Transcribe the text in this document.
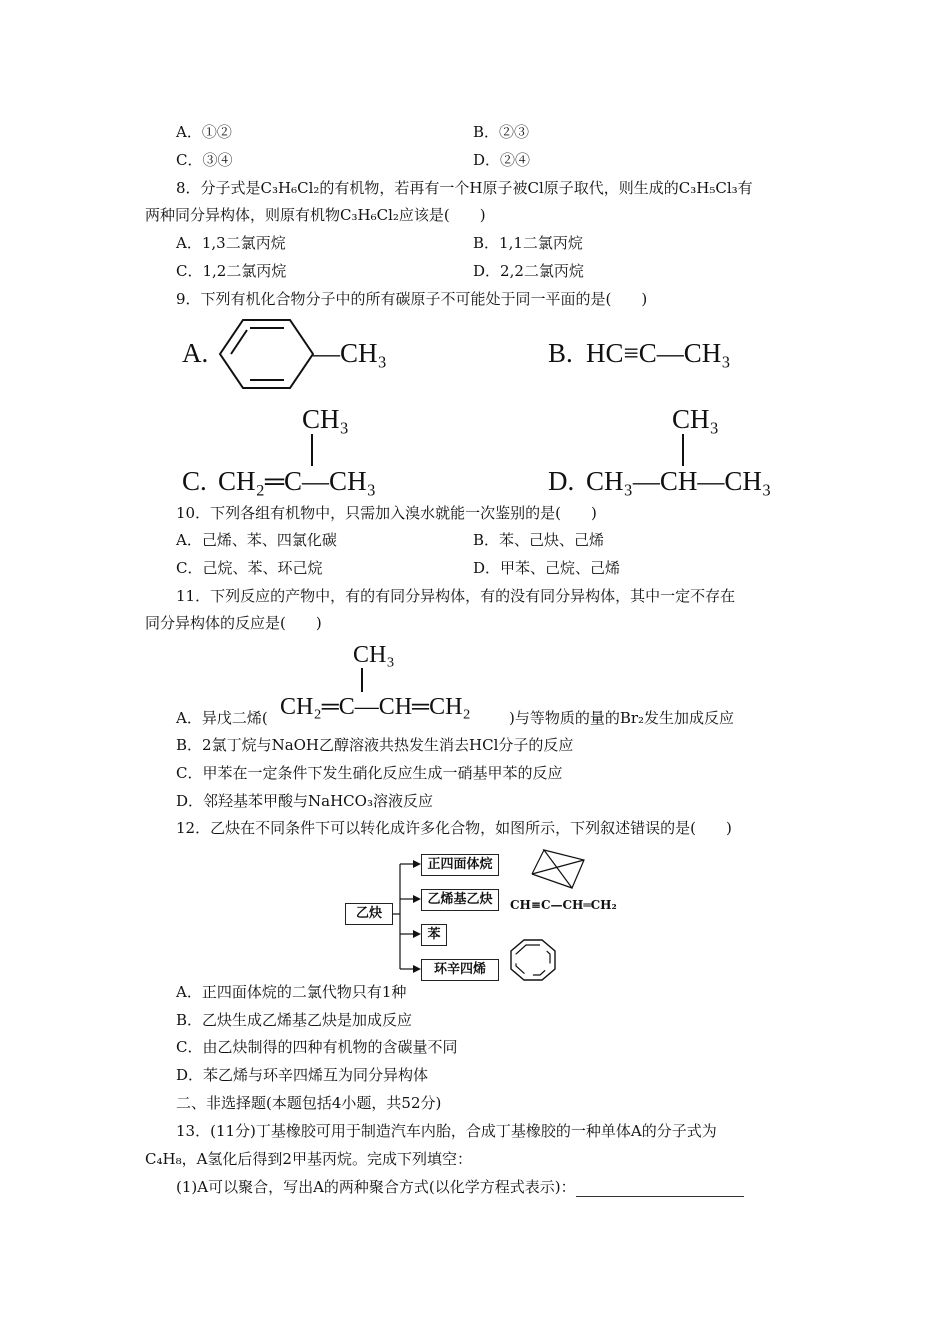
A．①②	B．②③
C．③④	D．②④
8．分子式是C₃H₆Cl₂的有机物，若再有一个H原子被Cl原子取代，则生成的C₃H₅Cl₃有
两种同分异构体，则原有机物C₃H₆Cl₂应该是(　　)
A．1,3二氯丙烷	B．1,1二氯丙烷
C．1,2二氯丙烷	D．2,2二氯丙烷
9．下列有机化合物分子中的所有碳原子不可能处于同一平面的是(　　)
A.	—CH₃	B. HC≡C—CH₃
CH₃
C. CH₂═C—CH₃
CH₃
D. CH₃—CH—CH₃
10．下列各组有机物中，只需加入溴水就能一次鉴别的是(　　)
A．己烯、苯、四氯化碳	B．苯、己炔、己烯
C．己烷、苯、环己烷	D．甲苯、己烷、己烯
11．下列反应的产物中，有的有同分异构体，有的没有同分异构体，其中一定不存在
同分异构体的反应是(　　)
CH₃
A．异戊二烯( CH₂═C—CH═CH₂	)与等物质的量的Br₂发生加成反应
B．2氯丁烷与NaOH乙醇溶液共热发生消去HCl分子的反应
C．甲苯在一定条件下发生硝化反应生成一硝基甲苯的反应
D．邻羟基苯甲酸与NaHCO₃溶液反应
12．乙炔在不同条件下可以转化成许多化合物，如图所示，下列叙述错误的是(　　)
乙炔
正四面体烷
乙烯基乙炔
苯
环辛四烯
CH≡C—CH═CH₂
A．正四面体烷的二氯代物只有1种
B．乙炔生成乙烯基乙炔是加成反应
C．由乙炔制得的四种有机物的含碳量不同
D．苯乙烯与环辛四烯互为同分异构体
二、非选择题(本题包括4小题，共52分)
13．(11分)丁基橡胶可用于制造汽车内胎，合成丁基橡胶的一种单体A的分子式为
C₄H₈，A氢化后得到2甲基丙烷。完成下列填空：
(1)A可以聚合，写出A的两种聚合方式(以化学方程式表示)：
